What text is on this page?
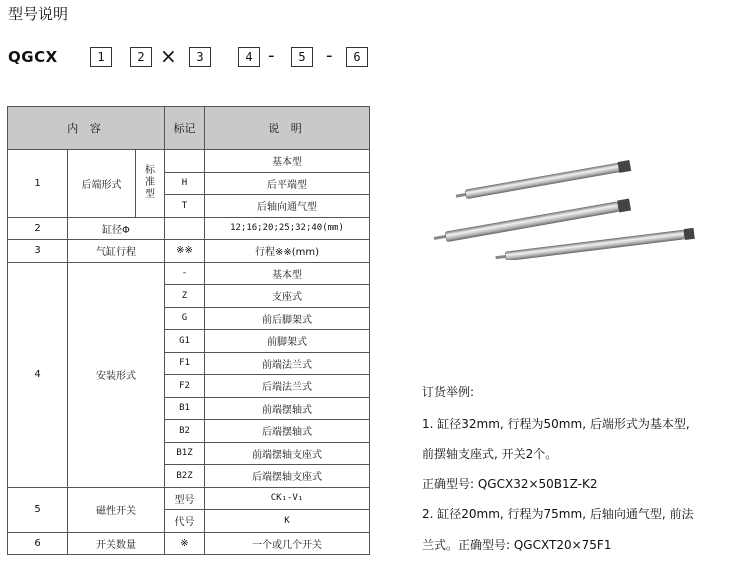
型号说明
QGCX	1	2 ×	3	4 -	5	-	6
内 容			标记	说 明
1	后端形式	标准型		基本型
			H	后平端型
			T	后轴向通气型
2	缸径Φ			12;16;20;25;32;40(mm)
3	气缸行程		※※	行程※※(mm)
4	安装形式		-	基本型
			Z	支座式
			G	前后脚架式
			G1	前脚架式
			F1	前端法兰式
			F2	后端法兰式
			B1	前端摆轴式
			B2	后端摆轴式
			B1Z	前端摆轴支座式
			B2Z	后端摆轴支座式
5	磁性开关		型号	CK₁-V₁
			代号	K
6	开关数量		※	一个或几个开关
订货举例:
1. 缸径32mm, 行程为50mm, 后端形式为基本型,
前摆轴支座式, 开关2个。
正确型号: QGCX32×50B1Z-K2
2. 缸径20mm, 行程为75mm, 后轴向通气型, 前法
兰式。正确型号: QGCXT20×75F1
